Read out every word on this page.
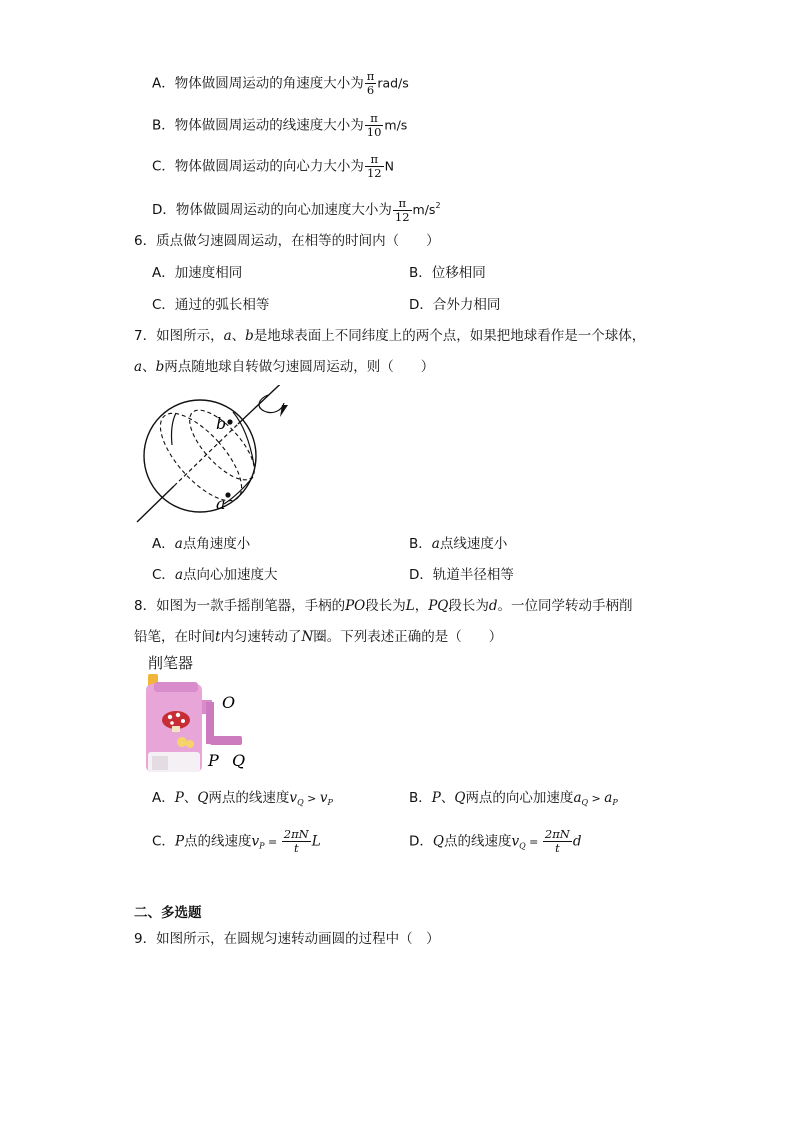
A．物体做圆周运动的角速度大小为 $\frac{\pi}{6} rad/s$
B．物体做圆周运动的线速度大小为 $\frac{\pi}{10} m/s$
C．物体做圆周运动的向心力大小为 $\frac{\pi}{12}$ N
D．物体做圆周运动的向心加速度大小为 $\frac{\pi}{12} m/s^2$
6．质点做匀速圆周运动，在相等的时间内（　　）
A．加速度相同	B．位移相同
C．通过的弧长相等	D．合外力相同
7．如图所示，a、b是地球表面上不同纬度上的两个点，如果把地球看作是一个球体，
a、b两点随地球自转做匀速圆周运动，则（　　）
b
a
A．a点角速度小	B．a点线速度小
C．a点向心加速度大	D．轨道半径相等
8．如图为一款手摇削笔器，手柄的PO段长为L，PQ段长为d。一位同学转动手柄削
铅笔，在时间t内匀速转动了N圈。下列表述正确的是（　　）
削笔器
O
P Q
A．P、Q两点的线速度$v_Q > v_P$	B．P、Q两点的向心加速度$a_Q > a_P$
C．P点的线速度$v_P = \frac{2\pi N}{t}$ L	D．Q点的线速度$v_Q = \frac{2\pi N}{t}$ d
二、多选题
9．如图所示，在圆规匀速转动画圆的过程中（　）
